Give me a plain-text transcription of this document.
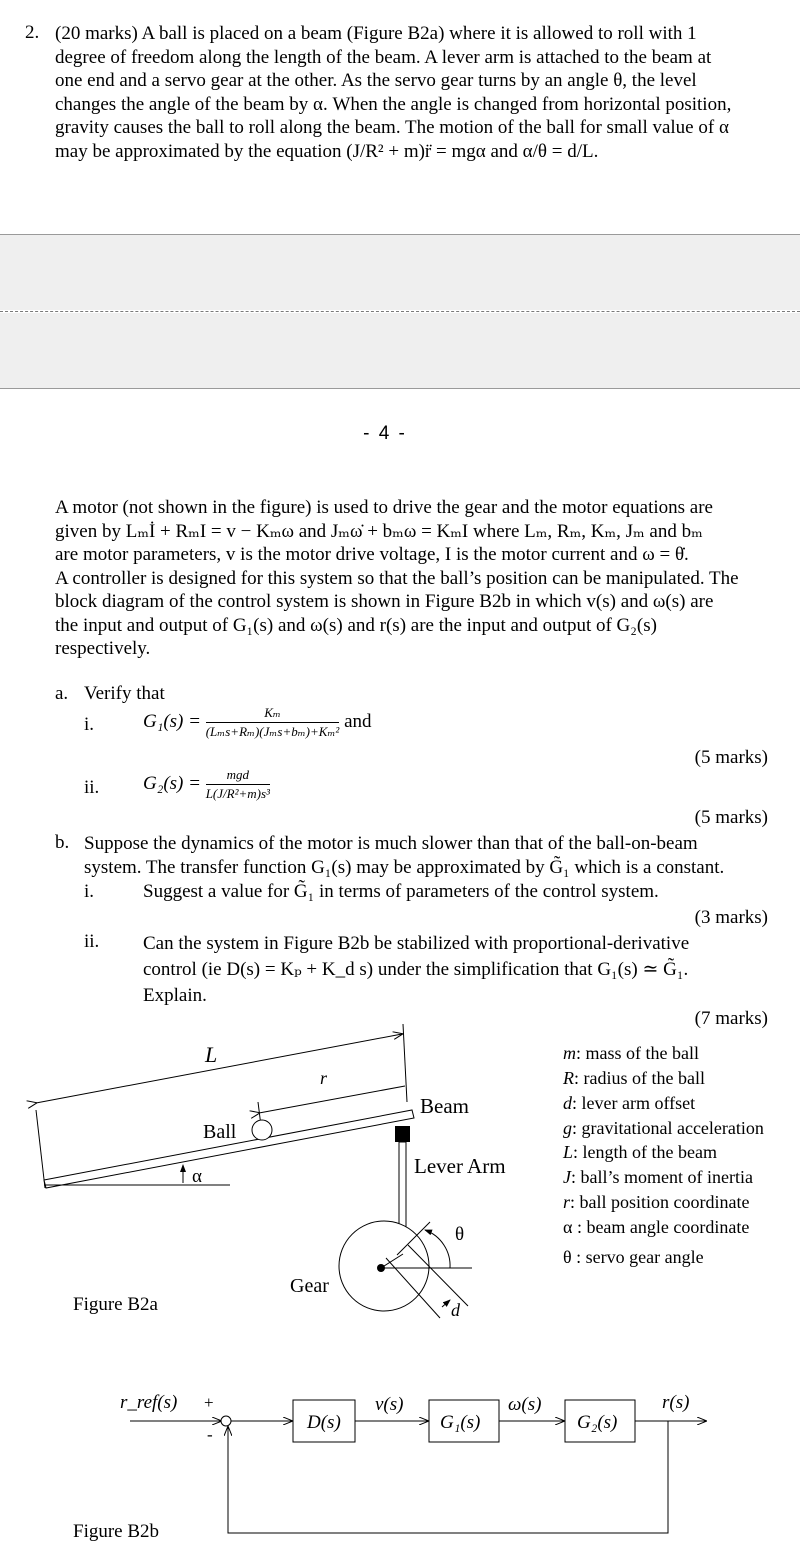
2. (20 marks) A ball is placed on a beam (Figure B2a) where it is allowed to roll with 1
degree of freedom along the length of the beam. A lever arm is attached to the beam at
one end and a servo gear at the other. As the servo gear turns by an angle θ, the level
changes the angle of the beam by α. When the angle is changed from horizontal position,
gravity causes the ball to roll along the beam. The motion of the ball for small value of α
may be approximated by the equation (J/R² + m)r̈ = mgα and α/θ = d/L.
- 4 -
A motor (not shown in the figure) is used to drive the gear and the motor equations are
given by Lₘİ + RₘI = v − Kₘω and Jₘω̇ + bₘω = KₘI where Lₘ, Rₘ, Kₘ, Jₘ and bₘ
are motor parameters, v is the motor drive voltage, I is the motor current and ω = θ̇.
A controller is designed for this system so that the ball’s position can be manipulated. The
block diagram of the control system is shown in Figure B2b in which v(s) and ω(s) are
the input and output of G₁(s) and ω(s) and r(s) are the input and output of G₂(s)
respectively.
a. Verify that
i.	$G_1(s) = \frac{\text{Kₘ}}{\text{(Lₘs+Rₘ)(Jₘs+bₘ)+Kₘ²}}$ and
(5 marks)
ii. $G_2(s) = \frac{\text{mgd}}{\text{L(J/R²+m)s³}}$
(5 marks)
b. Suppose the dynamics of the motor is much slower than that of the ball-on-beam
system. The transfer function G₁(s) may be approximated by G̃₁ which is a constant.
i.	Suggest a value for G̃₁ in terms of parameters of the control system.
(3 marks)
ii. Can the system in Figure B2b be stabilized with proportional-derivative
control (ie D(s) = Kₚ + K_d s) under the simplification that G₁(s) ≃ G̃₁.
Explain.
(7 marks)
L
r
Ball
Beam
Lever Arm
α
θ
Gear
d
Figure B2a
m: mass of the ball
R: radius of the ball
d: lever arm offset
g: gravitational acceleration
L: length of the beam
J: ball’s moment of inertia
r: ball position coordinate
α : beam angle coordinate
θ : servo gear angle
r_ref(s) +
-
D(s)
v(s)
G₁(s)
ω(s)
G₂(s)
r(s)
Figure B2b
